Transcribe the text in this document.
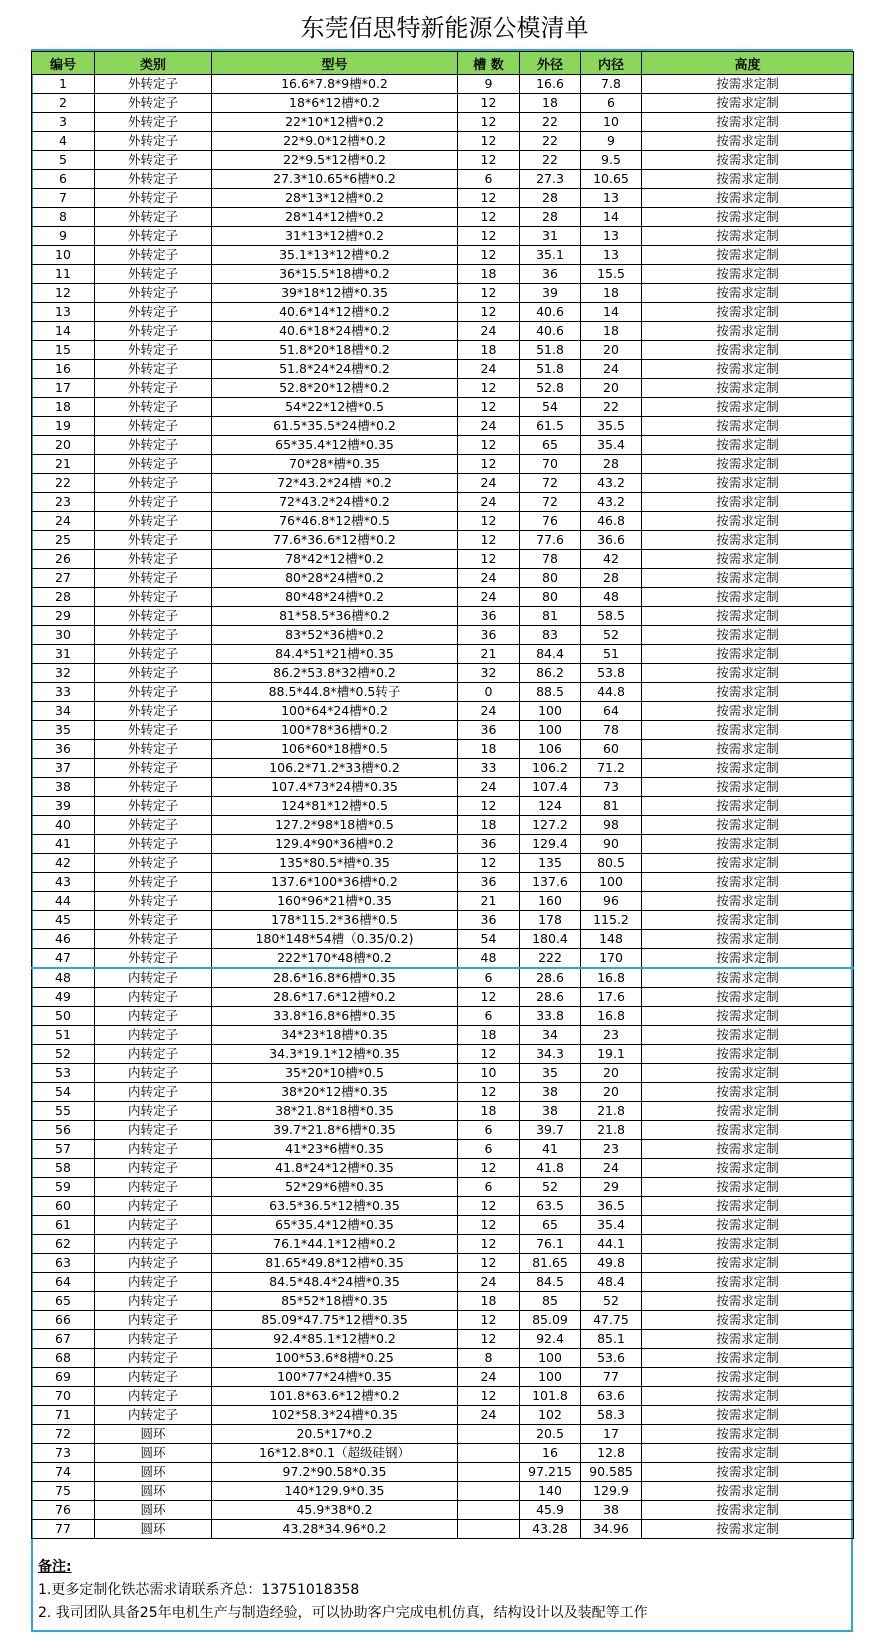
东莞佰思特新能源公模清单
编号	类别	型号	槽 数	外径	内径	高度
1	外转定子	16.6*7.8*9槽*0.2	9	16.6	7.8	按需求定制
2	外转定子	18*6*12槽*0.2	12	18	6	按需求定制
3	外转定子	22*10*12槽*0.2	12	22	10	按需求定制
4	外转定子	22*9.0*12槽*0.2	12	22	9	按需求定制
5	外转定子	22*9.5*12槽*0.2	12	22	9.5	按需求定制
6	外转定子	27.3*10.65*6槽*0.2	6	27.3	10.65	按需求定制
7	外转定子	28*13*12槽*0.2	12	28	13	按需求定制
8	外转定子	28*14*12槽*0.2	12	28	14	按需求定制
9	外转定子	31*13*12槽*0.2	12	31	13	按需求定制
10	外转定子	35.1*13*12槽*0.2	12	35.1	13	按需求定制
11	外转定子	36*15.5*18槽*0.2	18	36	15.5	按需求定制
12	外转定子	39*18*12槽*0.35	12	39	18	按需求定制
13	外转定子	40.6*14*12槽*0.2	12	40.6	14	按需求定制
14	外转定子	40.6*18*24槽*0.2	24	40.6	18	按需求定制
15	外转定子	51.8*20*18槽*0.2	18	51.8	20	按需求定制
16	外转定子	51.8*24*24槽*0.2	24	51.8	24	按需求定制
17	外转定子	52.8*20*12槽*0.2	12	52.8	20	按需求定制
18	外转定子	54*22*12槽*0.5	12	54	22	按需求定制
19	外转定子	61.5*35.5*24槽*0.2	24	61.5	35.5	按需求定制
20	外转定子	65*35.4*12槽*0.35	12	65	35.4	按需求定制
21	外转定子	70*28*槽*0.35	12	70	28	按需求定制
22	外转定子	72*43.2*24槽 *0.2	24	72	43.2	按需求定制
23	外转定子	72*43.2*24槽*0.2	24	72	43.2	按需求定制
24	外转定子	76*46.8*12槽*0.5	12	76	46.8	按需求定制
25	外转定子	77.6*36.6*12槽*0.2	12	77.6	36.6	按需求定制
26	外转定子	78*42*12槽*0.2	12	78	42	按需求定制
27	外转定子	80*28*24槽*0.2	24	80	28	按需求定制
28	外转定子	80*48*24槽*0.2	24	80	48	按需求定制
29	外转定子	81*58.5*36槽*0.2	36	81	58.5	按需求定制
30	外转定子	83*52*36槽*0.2	36	83	52	按需求定制
31	外转定子	84.4*51*21槽*0.35	21	84.4	51	按需求定制
32	外转定子	86.2*53.8*32槽*0.2	32	86.2	53.8	按需求定制
33	外转定子	88.5*44.8*槽*0.5转子	0	88.5	44.8	按需求定制
34	外转定子	100*64*24槽*0.2	24	100	64	按需求定制
35	外转定子	100*78*36槽*0.2	36	100	78	按需求定制
36	外转定子	106*60*18槽*0.5	18	106	60	按需求定制
37	外转定子	106.2*71.2*33槽*0.2	33	106.2	71.2	按需求定制
38	外转定子	107.4*73*24槽*0.35	24	107.4	73	按需求定制
39	外转定子	124*81*12槽*0.5	12	124	81	按需求定制
40	外转定子	127.2*98*18槽*0.5	18	127.2	98	按需求定制
41	外转定子	129.4*90*36槽*0.2	36	129.4	90	按需求定制
42	外转定子	135*80.5*槽*0.35	12	135	80.5	按需求定制
43	外转定子	137.6*100*36槽*0.2	36	137.6	100	按需求定制
44	外转定子	160*96*21槽*0.35	21	160	96	按需求定制
45	外转定子	178*115.2*36槽*0.5	36	178	115.2	按需求定制
46	外转定子	180*148*54槽（0.35/0.2)	54	180.4	148	按需求定制
47	外转定子	222*170*48槽*0.2	48	222	170	按需求定制
48	内转定子	28.6*16.8*6槽*0.35	6	28.6	16.8	按需求定制
49	内转定子	28.6*17.6*12槽*0.2	12	28.6	17.6	按需求定制
50	内转定子	33.8*16.8*6槽*0.35	6	33.8	16.8	按需求定制
51	内转定子	34*23*18槽*0.35	18	34	23	按需求定制
52	内转定子	34.3*19.1*12槽*0.35	12	34.3	19.1	按需求定制
53	内转定子	35*20*10槽*0.5	10	35	20	按需求定制
54	内转定子	38*20*12槽*0.35	12	38	20	按需求定制
55	内转定子	38*21.8*18槽*0.35	18	38	21.8	按需求定制
56	内转定子	39.7*21.8*6槽*0.35	6	39.7	21.8	按需求定制
57	内转定子	41*23*6槽*0.35	6	41	23	按需求定制
58	内转定子	41.8*24*12槽*0.35	12	41.8	24	按需求定制
59	内转定子	52*29*6槽*0.35	6	52	29	按需求定制
60	内转定子	63.5*36.5*12槽*0.35	12	63.5	36.5	按需求定制
61	内转定子	65*35.4*12槽*0.35	12	65	35.4	按需求定制
62	内转定子	76.1*44.1*12槽*0.2	12	76.1	44.1	按需求定制
63	内转定子	81.65*49.8*12槽*0.35	12	81.65	49.8	按需求定制
64	内转定子	84.5*48.4*24槽*0.35	24	84.5	48.4	按需求定制
65	内转定子	85*52*18槽*0.35	18	85	52	按需求定制
66	内转定子	85.09*47.75*12槽*0.35	12	85.09	47.75	按需求定制
67	内转定子	92.4*85.1*12槽*0.2	12	92.4	85.1	按需求定制
68	内转定子	100*53.6*8槽*0.25	8	100	53.6	按需求定制
69	内转定子	100*77*24槽*0.35	24	100	77	按需求定制
70	内转定子	101.8*63.6*12槽*0.2	12	101.8	63.6	按需求定制
71	内转定子	102*58.3*24槽*0.35	24	102	58.3	按需求定制
72	圆环	20.5*17*0.2		20.5	17	按需求定制
73	圆环	16*12.8*0.1（超级硅钢）		16	12.8	按需求定制
74	圆环	97.2*90.58*0.35		97.215	90.585	按需求定制
75	圆环	140*129.9*0.35		140	129.9	按需求定制
76	圆环	45.9*38*0.2		45.9	38	按需求定制
77	圆环	43.28*34.96*0.2		43.28	34.96	按需求定制
备注:
1.更多定制化铁芯需求请联系齐总：13751018358
2. 我司团队具备25年电机生产与制造经验，可以协助客户完成电机仿真，结构设计以及装配等工作
